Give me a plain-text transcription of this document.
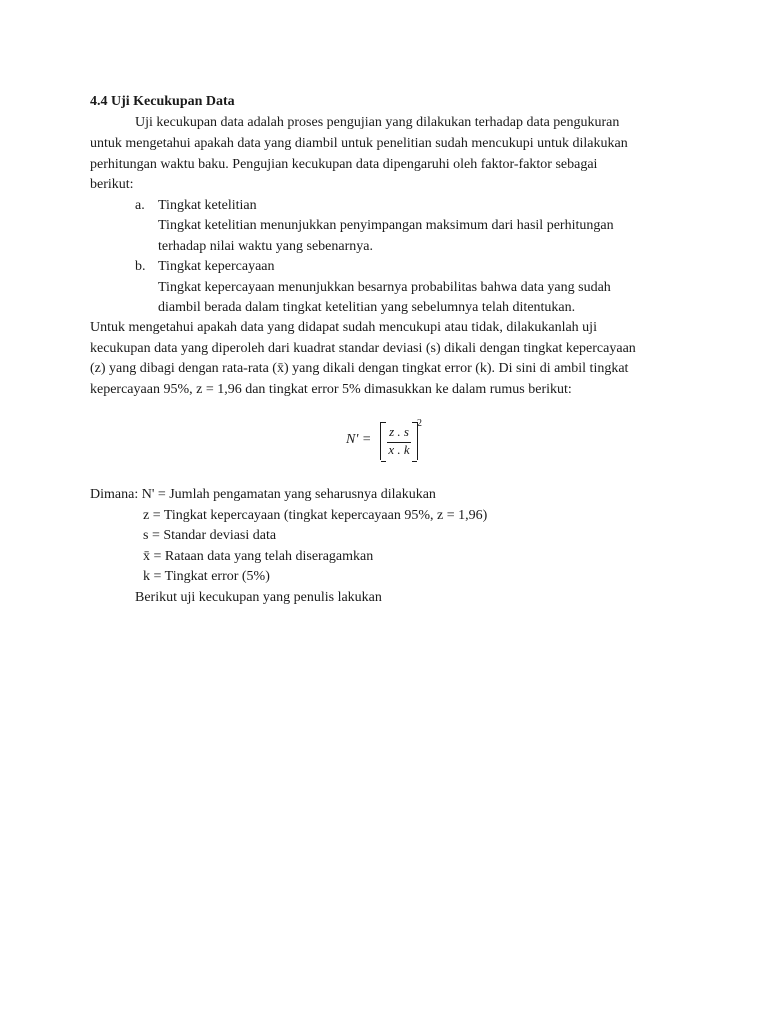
4.4 Uji Kecukupan Data
Uji kecukupan data adalah proses pengujian yang dilakukan terhadap data pengukuran
untuk mengetahui apakah data yang diambil untuk penelitian sudah mencukupi untuk dilakukan
perhitungan waktu baku. Pengujian kecukupan data dipengaruhi oleh faktor-faktor sebagai
berikut:
a. Tingkat ketelitian
Tingkat ketelitian menunjukkan penyimpangan maksimum dari hasil perhitungan
terhadap nilai waktu yang sebenarnya.
b. Tingkat kepercayaan
Tingkat kepercayaan menunjukkan besarnya probabilitas bahwa data yang sudah
diambil berada dalam tingkat ketelitian yang sebelumnya telah ditentukan.
Untuk mengetahui apakah data yang didapat sudah mencukupi atau tidak, dilakukanlah uji
kecukupan data yang diperoleh dari kuadrat standar deviasi (s) dikali dengan tingkat kepercayaan
(z) yang dibagi dengan rata-rata (x̄) yang dikali dengan tingkat error (k). Di sini di ambil tingkat
kepercayaan 95%, z = 1,96 dan tingkat error 5% dimasukkan ke dalam rumus berikut:
N' =
z . s
x . k
2
Dimana: N' = Jumlah pengamatan yang seharusnya dilakukan
z = Tingkat kepercayaan (tingkat kepercayaan 95%, z = 1,96)
s = Standar deviasi data
x̄ = Rataan data yang telah diseragamkan
k = Tingkat error (5%)
Berikut uji kecukupan yang penulis lakukan
